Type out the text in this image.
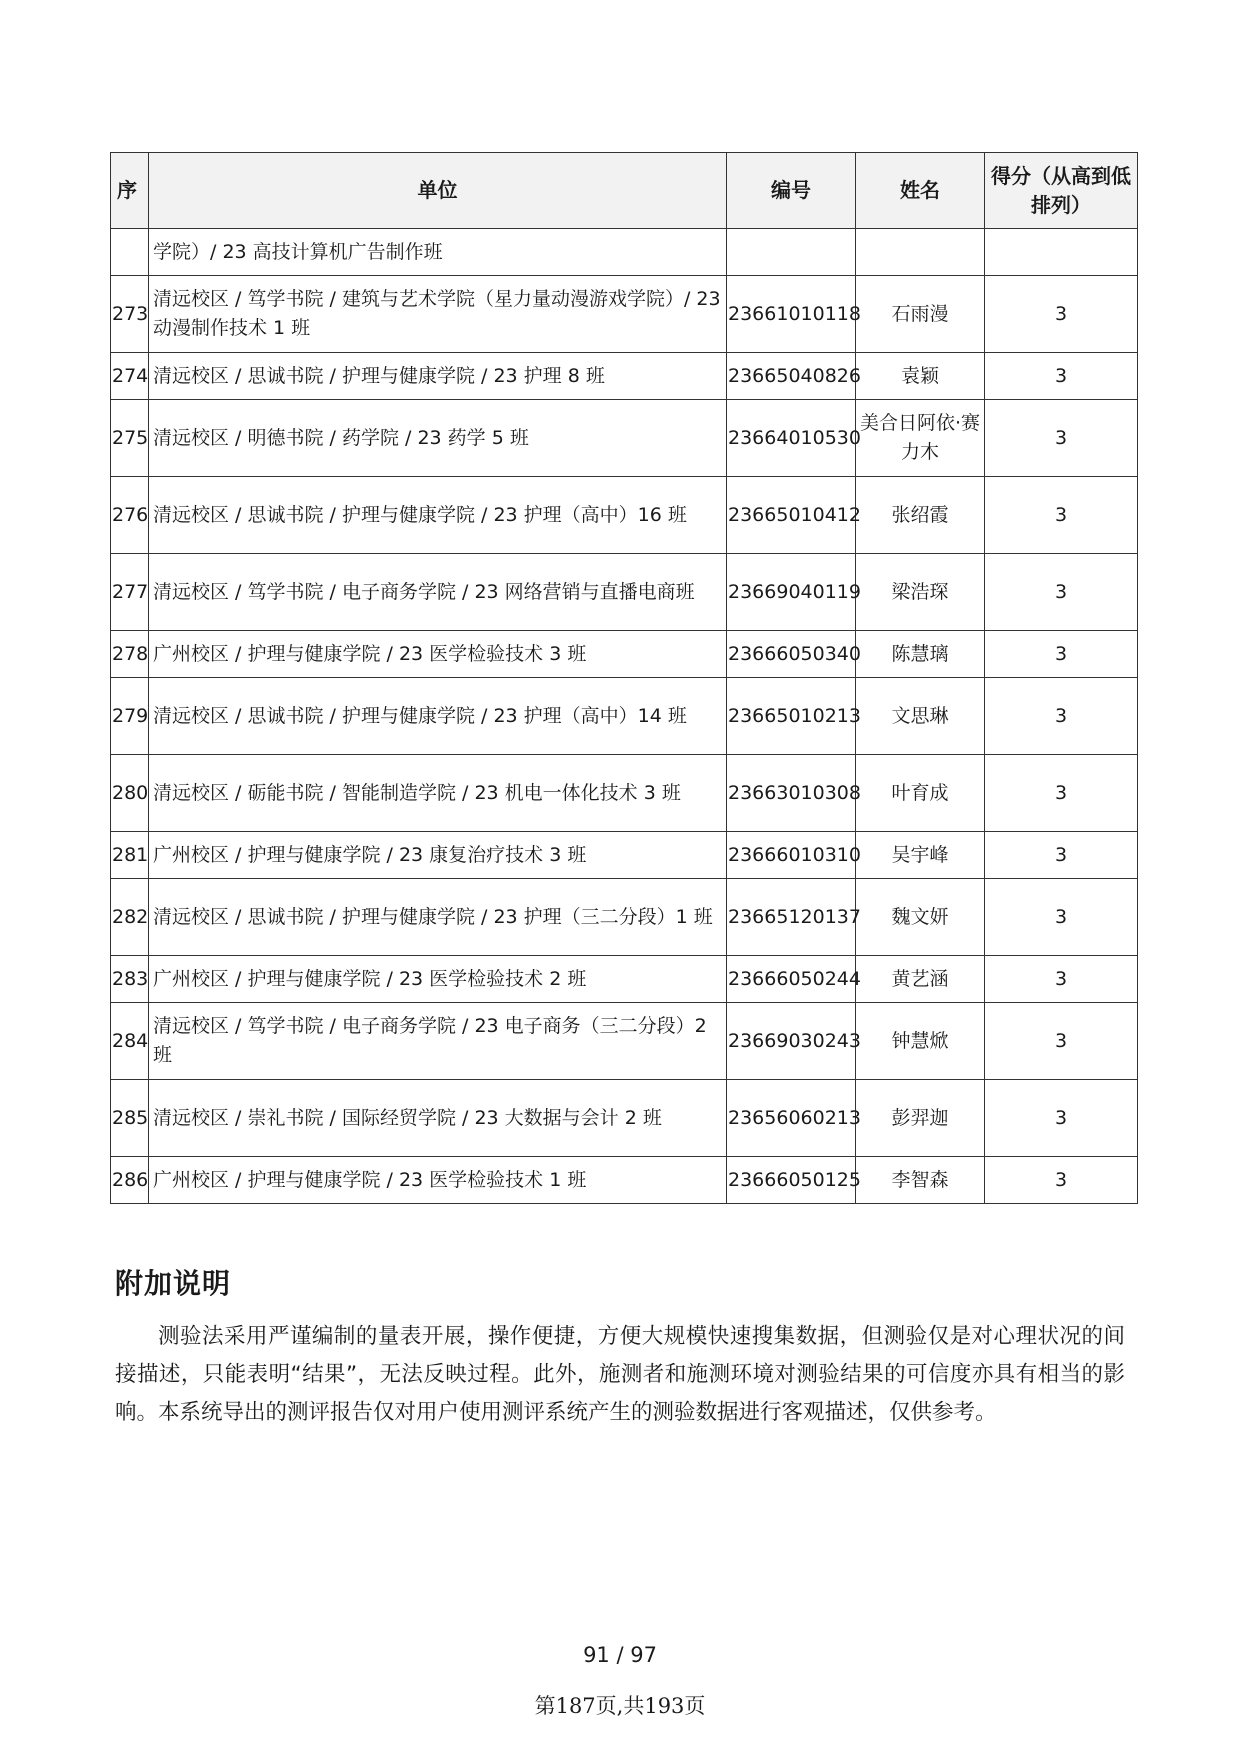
序	单位	编号	姓名	得分（从高到低排列）
	学院）/ 23 高技计算机广告制作班			
273	清远校区 / 笃学书院 / 建筑与艺术学院（星力量动漫游戏学院）/ 23 动漫制作技术 1 班	23661010118	石雨漫	3
274	清远校区 / 思诚书院 / 护理与健康学院 / 23 护理 8 班	23665040826	袁颖	3
275	清远校区 / 明德书院 / 药学院 / 23 药学 5 班	23664010530	美合日阿依·赛力木	3
276	清远校区 / 思诚书院 / 护理与健康学院 / 23 护理（高中）16 班	23665010412	张绍霞	3
277	清远校区 / 笃学书院 / 电子商务学院 / 23 网络营销与直播电商班	23669040119	梁浩琛	3
278	广州校区 / 护理与健康学院 / 23 医学检验技术 3 班	23666050340	陈慧璃	3
279	清远校区 / 思诚书院 / 护理与健康学院 / 23 护理（高中）14 班	23665010213	文思琳	3
280	清远校区 / 砺能书院 / 智能制造学院 / 23 机电一体化技术 3 班	23663010308	叶育成	3
281	广州校区 / 护理与健康学院 / 23 康复治疗技术 3 班	23666010310	吴宇峰	3
282	清远校区 / 思诚书院 / 护理与健康学院 / 23 护理（三二分段）1 班	23665120137	魏文妍	3
283	广州校区 / 护理与健康学院 / 23 医学检验技术 2 班	23666050244	黄艺涵	3
284	清远校区 / 笃学书院 / 电子商务学院 / 23 电子商务（三二分段）2 班	23669030243	钟慧焮	3
285	清远校区 / 崇礼书院 / 国际经贸学院 / 23 大数据与会计 2 班	23656060213	彭羿迦	3
286	广州校区 / 护理与健康学院 / 23 医学检验技术 1 班	23666050125	李智森	3
附加说明

测验法采用严谨编制的量表开展，操作便捷，方便大规模快速搜集数据，但测验仅是对心理状况的间接描述，只能表明“结果”，无法反映过程。此外，施测者和施测环境对测验结果的可信度亦具有相当的影响。本系统导出的测评报告仅对用户使用测评系统产生的测验数据进行客观描述，仅供参考。

91 / 97
第187页,共193页
